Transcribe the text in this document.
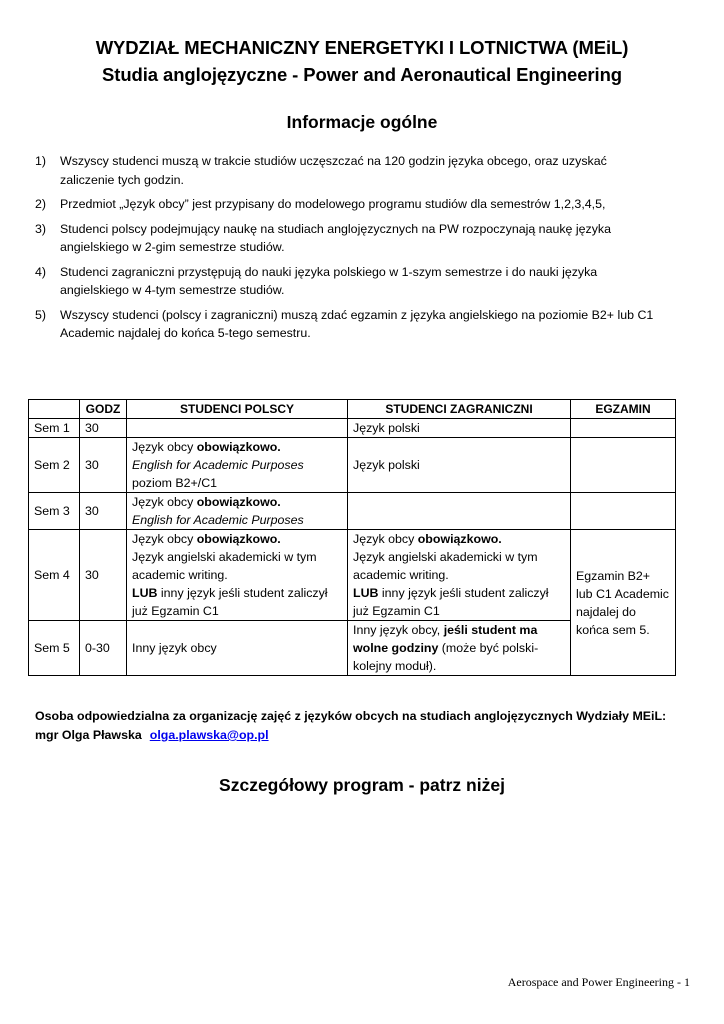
WYDZIAŁ MECHANICZNY ENERGETYKI I LOTNICTWA (MEiL)
Studia anglojęzyczne - Power and Aeronautical Engineering
Informacje ogólne
1) Wszyscy studenci muszą w trakcie studiów uczęszczać na 120 godzin języka obcego, oraz uzyskać
zaliczenie tych godzin.
2) Przedmiot „Język obcy” jest przypisany do modelowego programu studiów dla semestrów 1,2,3,4,5,
3) Studenci polscy podejmujący naukę na studiach anglojęzycznych na PW rozpoczynają naukę języka
angielskiego w 2-gim semestrze studiów.
4) Studenci zagraniczni przystępują do nauki języka polskiego w 1-szym semestrze i do nauki języka
angielskiego w 4-tym semestrze studiów.
5) Wszyscy studenci (polscy i zagraniczni) muszą zdać egzamin z języka angielskiego na poziomie B2+ lub C1
Academic najdalej do końca 5-tego semestru.
	GODZ	STUDENCI POLSCY	STUDENCI ZAGRANICZNI	EGZAMIN
Sem 1	30		Język polski	
Sem 2	30	Język obcy obowiązkowo.
English for Academic Purposes
poziom B2+/C1	Język polski	
Sem 3	30	Język obcy obowiązkowo.
English for Academic Purposes		
Sem 4	30	Język obcy obowiązkowo.
Język angielski akademicki w tym academic writing.
LUB inny język jeśli student zaliczył już Egzamin C1	Język obcy obowiązkowo.
Język angielski akademicki w tym academic writing.
LUB inny język jeśli student zaliczył już Egzamin C1	Egzamin B2+ lub C1 Academic najdalej do końca sem 5.
Sem 5	0-30	Inny język obcy	Inny język obcy, jeśli student ma wolne godziny (może być polski-kolejny moduł).	
Osoba odpowiedzialna za organizację zajęć z języków obcych na studiach anglojęzycznych Wydziały MEiL:
mgr Olga Pławska olga.plawska@op.pl
Szczegółowy program - patrz niżej
Aerospace and Power Engineering - 1
